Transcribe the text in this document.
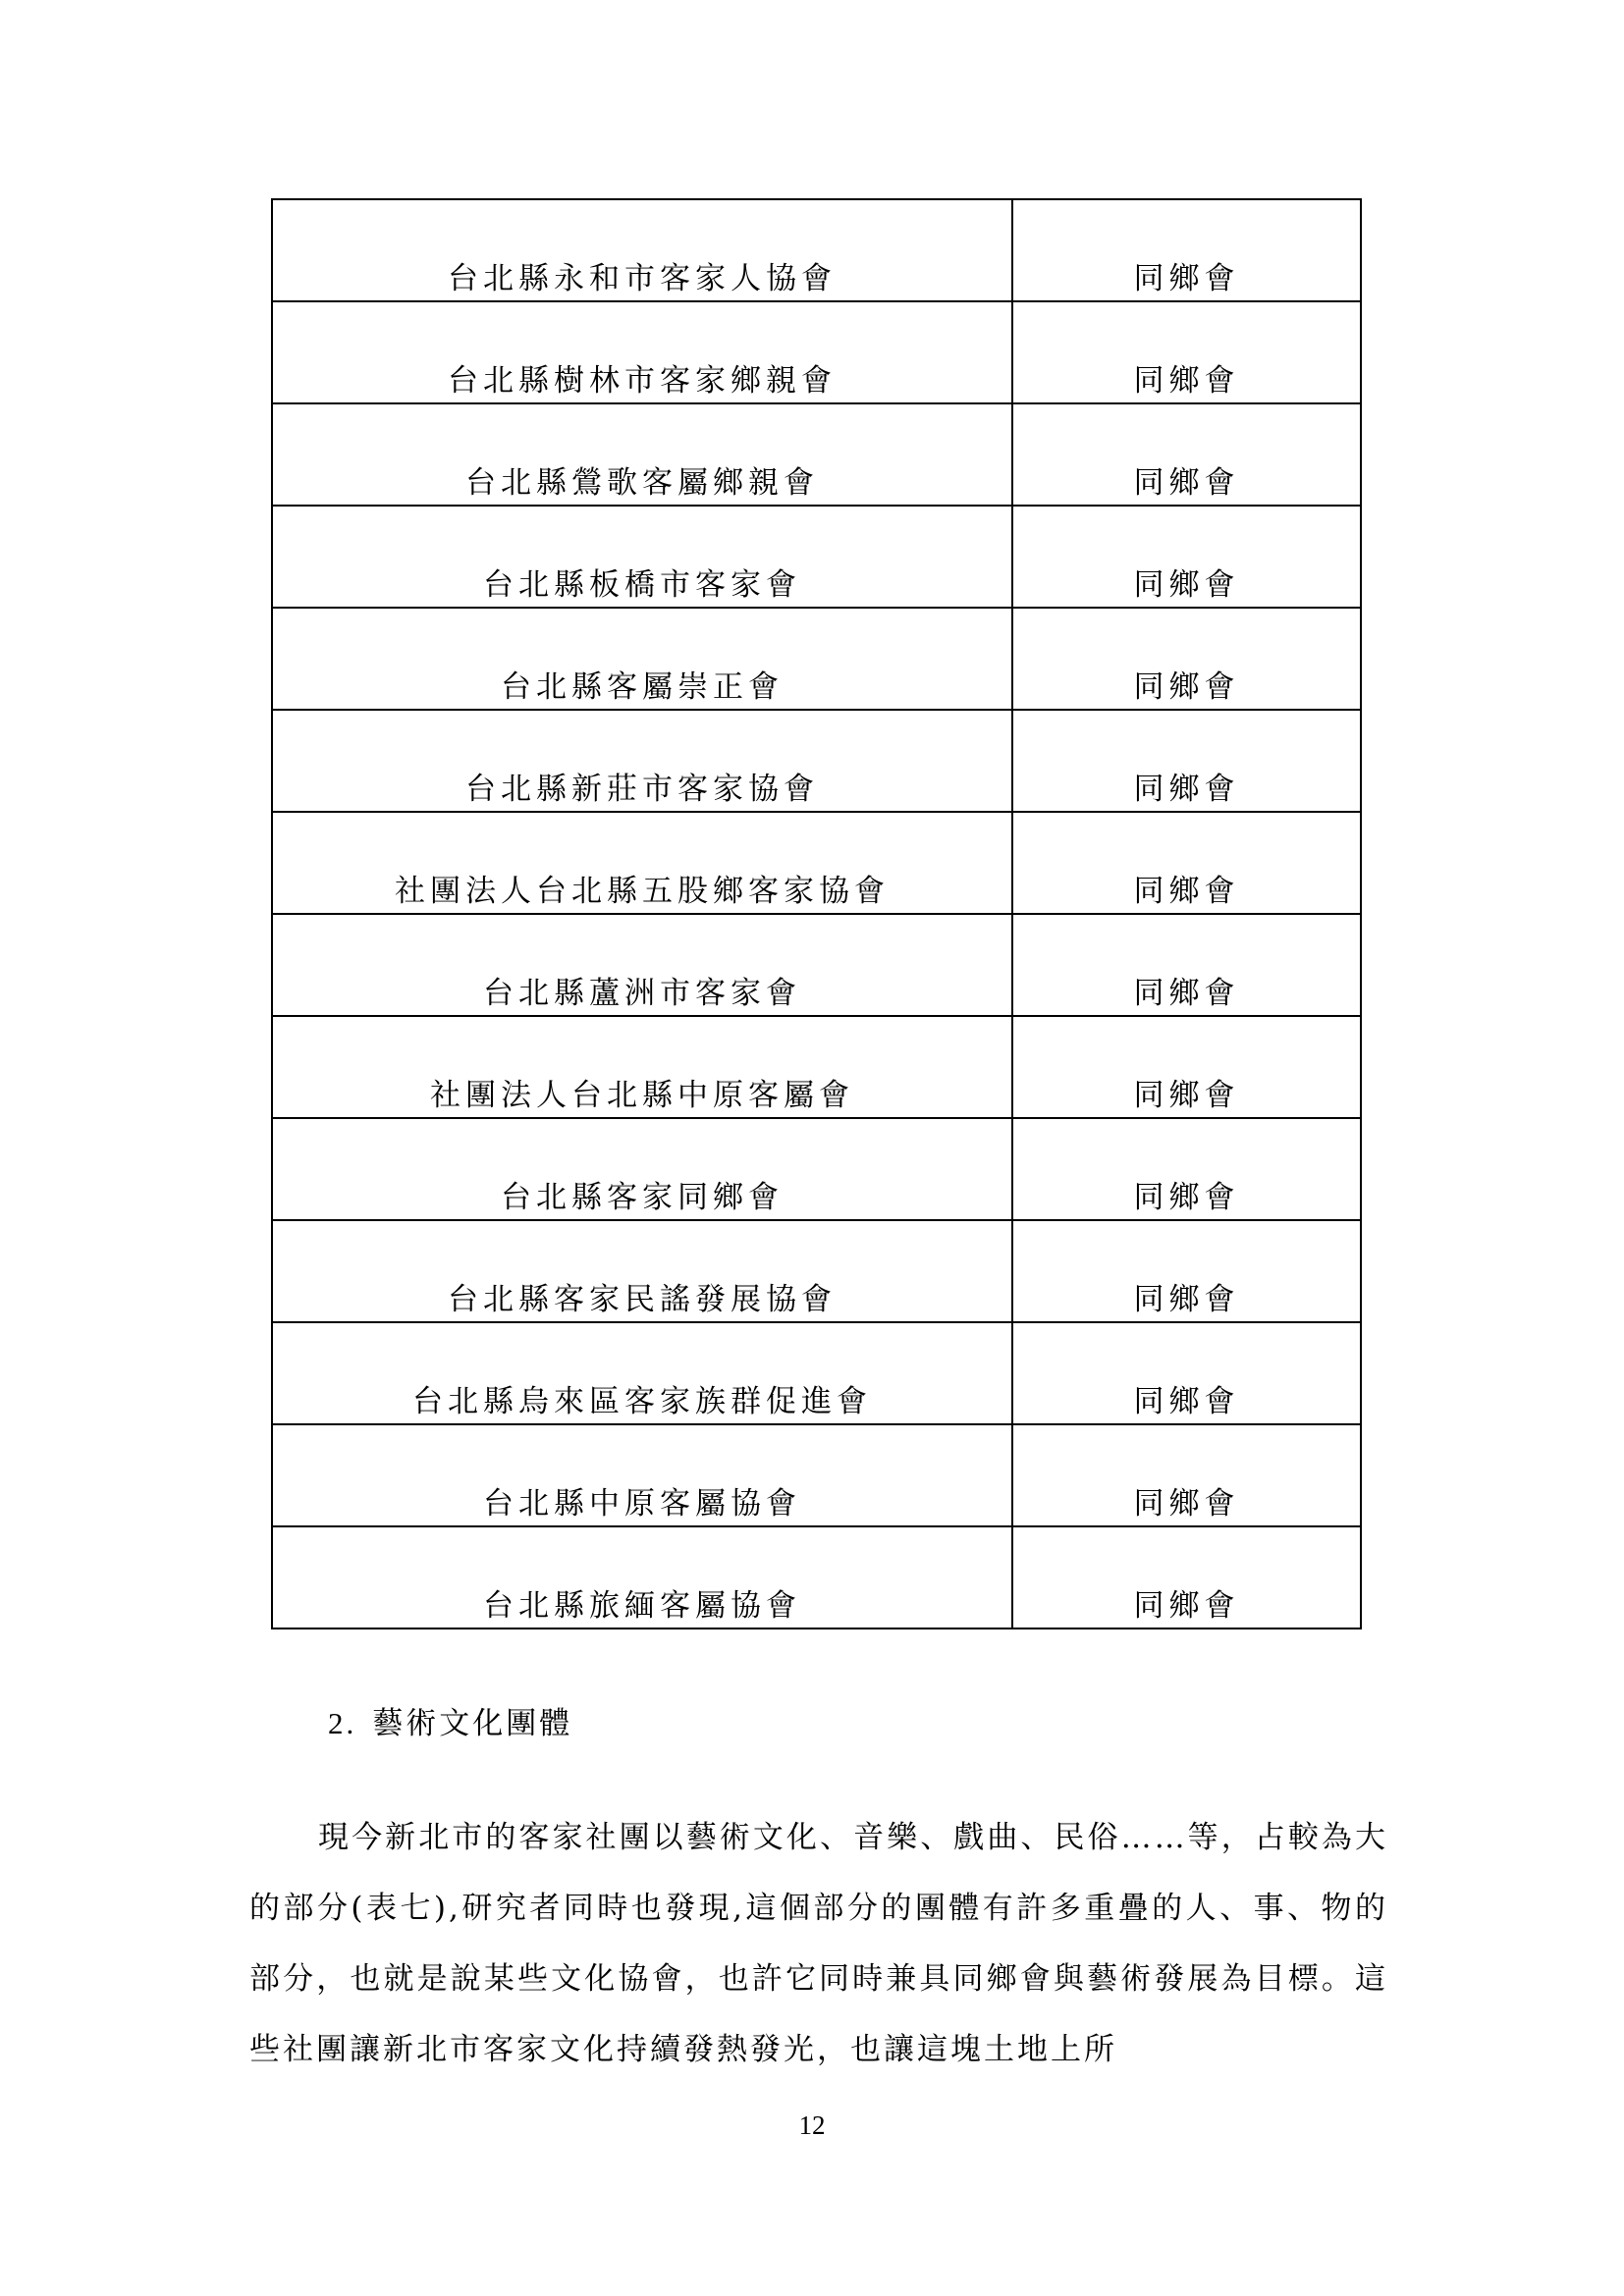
台北縣永和市客家人協會	同鄉會
台北縣樹林市客家鄉親會	同鄉會
台北縣鶯歌客屬鄉親會	同鄉會
台北縣板橋市客家會	同鄉會
台北縣客屬崇正會	同鄉會
台北縣新莊市客家協會	同鄉會
社團法人台北縣五股鄉客家協會	同鄉會
台北縣蘆洲市客家會	同鄉會
社團法人台北縣中原客屬會	同鄉會
台北縣客家同鄉會	同鄉會
台北縣客家民謠發展協會	同鄉會
台北縣烏來區客家族群促進會	同鄉會
台北縣中原客屬協會	同鄉會
台北縣旅緬客屬協會	同鄉會
2. 藝術文化團體

現今新北市的客家社團以藝術文化、音樂、戲曲、民俗……等，占較為大的部分(表七),研究者同時也發現,這個部分的團體有許多重疊的人、事、物的部分，也就是說某些文化協會，也許它同時兼具同鄉會與藝術發展為目標。這些社團讓新北市客家文化持續發熱發光，也讓這塊土地上所

12
